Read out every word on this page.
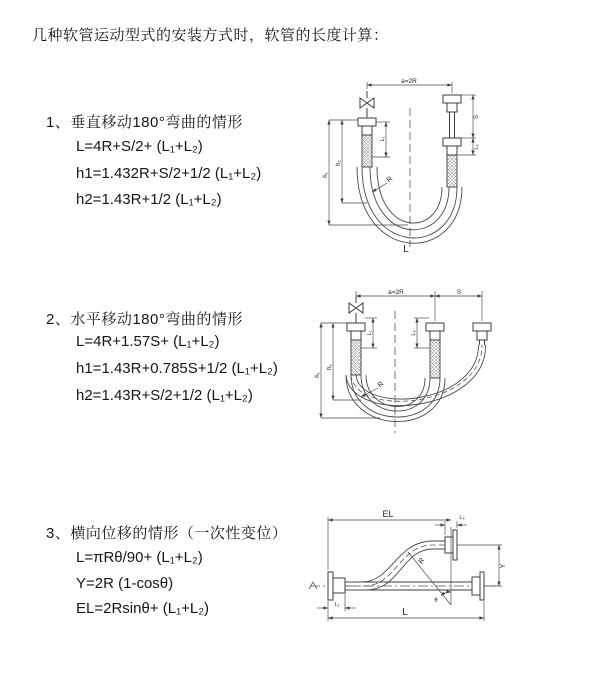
几种软管运动型式的安装方式时，软管的长度计算：
1、垂直移动180°弯曲的情形
L=4R+S/2+ (L₁+L₂)
h1=1.432R+S/2+1/2 (L₁+L₂)
h2=1.43R+1/2 (L₁+L₂)
2、水平移动180°弯曲的情形
L=4R+1.57S+ (L₁+L₂)
h1=1.43R+0.785S+1/2 (L₁+L₂)
h2=1.43R+S/2+1/2 (L₁+L₂)
3、横向位移的情形（一次性变位）
L=πRθ/90+ (L₁+L₂)
Y=2R (1-cosθ)
EL=2Rsinθ+ (L₁+L₂)
a=2R
h₁
h₂
L₁
S
L₂
R
L
a=2R	S
h₁
h₂
L₁	L₂
R
θ
R
EL	L₂
Y
L₁
L
